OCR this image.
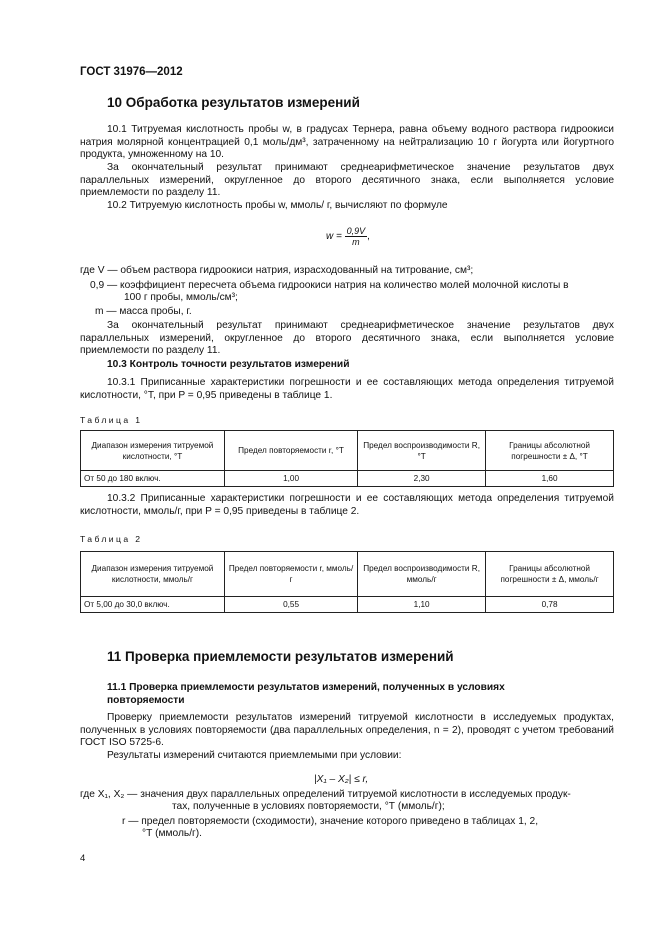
ГОСТ 31976—2012
10 Обработка результатов измерений
10.1 Титруемая кислотность пробы w, в градусах Тернера, равна объему водного раствора гидроокиси натрия молярной концентрацией 0,1 моль/дм³, затраченному на нейтрализацию 10 г йогурта или йогуртного продукта, умноженному на 10.
За окончательный результат принимают среднеарифметическое значение результатов двух параллельных измерений, округленное до второго десятичного знака, если выполняется условие приемлемости по разделу 11.
10.2 Титруемую кислотность пробы w, ммоль/ г, вычисляют по формуле
$w = \frac{0,9V}{m}$ ,
где V — объем раствора гидроокиси натрия, израсходованный на титрование, см³;
0,9 — коэффициент пересчета объема гидроокиси натрия на количество молей молочной кислоты в
100 г пробы, ммоль/см³;
m — масса пробы, г.
За окончательный результат принимают среднеарифметическое значение результатов двух параллельных измерений, округленное до второго десятичного знака, если выполняется условие приемлемости по разделу 11.
10.3 Контроль точности результатов измерений
10.3.1 Приписанные характеристики погрешности и ее составляющих метода определения титруемой кислотности, °Т, при P = 0,95 приведены в таблице 1.
Таблица 1
Диапазон измерения титруемой кислотности, °Т	Предел повторяемости r, °Т	Предел воспроизводимости R, °Т	Границы абсолютной погрешности ± Δ, °Т
От 50 до 180 включ.	1,00	2,30	1,60
10.3.2 Приписанные характеристики погрешности и ее составляющих метода определения титруемой кислотности, ммоль/г, при P = 0,95 приведены в таблице 2.
Таблица 2
Диапазон измерения титруемой кислотности, ммоль/г	Предел повторяемости r, ммоль/г	Предел воспроизводимости R, ммоль/г	Границы абсолютной погрешности ± Δ, ммоль/г
От 5,00 до 30,0 включ.	0,55	1,10	0,78
11 Проверка приемлемости результатов измерений
11.1 Проверка приемлемости результатов измерений, полученных в условиях повторяемости
Проверку приемлемости результатов измерений титруемой кислотности в исследуемых продуктах, полученных в условиях повторяемости (два параллельных определения, n = 2), проводят с учетом требований ГОСТ ISO 5725-6.
Результаты измерений считаются приемлемыми при условии:
|X₁ – X₂| ≤ r,
где X₁, X₂ — значения двух параллельных определений титруемой кислотности в исследуемых продук-
тах, полученные в условиях повторяемости, °Т (ммоль/г);
r — предел повторяемости (сходимости), значение которого приведено в таблицах 1, 2,
°Т (ммоль/г).
4
